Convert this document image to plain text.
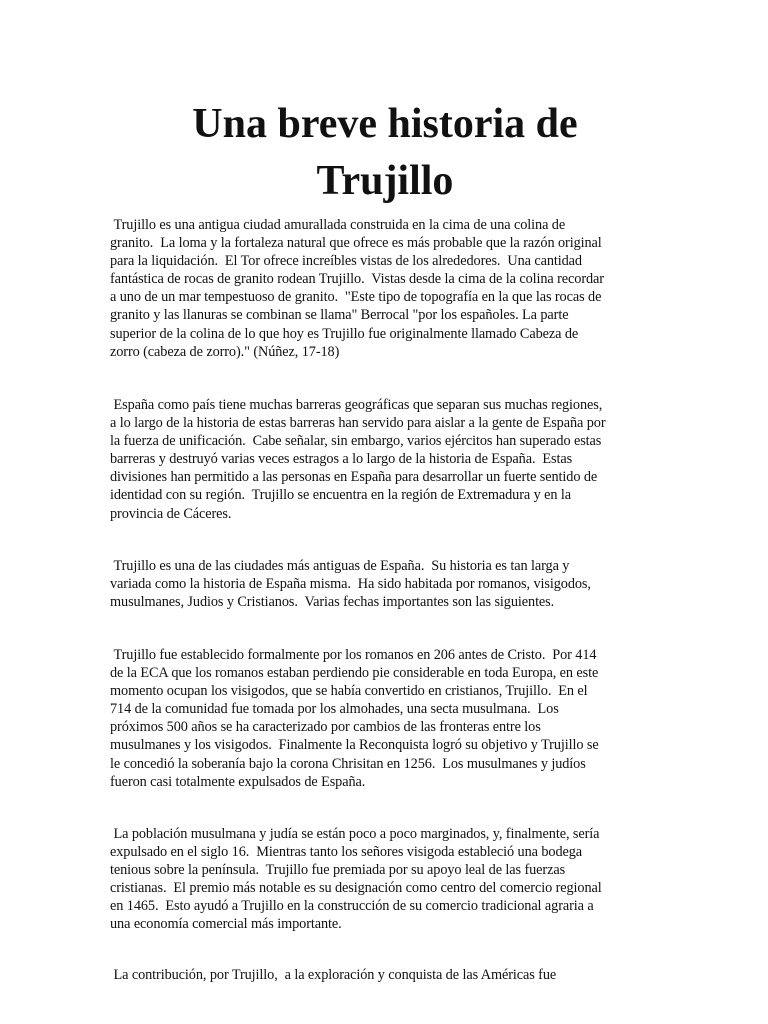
Una breve historia de
Trujillo

Trujillo es una antigua ciudad amurallada construida en la cima de una colina de
granito.  La loma y la fortaleza natural que ofrece es más probable que la razón original
para la liquidación.  El Tor ofrece increíbles vistas de los alrededores.  Una cantidad
fantástica de rocas de granito rodean Trujillo.  Vistas desde la cima de la colina recordar
a uno de un mar tempestuoso de granito.  "Este tipo de topografía en la que las rocas de
granito y las llanuras se combinan se llama" Berrocal "por los españoles. La parte
superior de la colina de lo que hoy es Trujillo fue originalmente llamado Cabeza de
zorro (cabeza de zorro)." (Núñez, 17-18)

España como país tiene muchas barreras geográficas que separan sus muchas regiones,
a lo largo de la historia de estas barreras han servido para aislar a la gente de España por
la fuerza de unificación.  Cabe señalar, sin embargo, varios ejércitos han superado estas
barreras y destruyó varias veces estragos a lo largo de la historia de España.  Estas
divisiones han permitido a las personas en España para desarrollar un fuerte sentido de
identidad con su región.  Trujillo se encuentra en la región de Extremadura y en la
provincia de Cáceres.

Trujillo es una de las ciudades más antiguas de España.  Su historia es tan larga y
variada como la historia de España misma.  Ha sido habitada por romanos, visigodos,
musulmanes, Judios y Cristianos.  Varias fechas importantes son las siguientes.

Trujillo fue establecido formalmente por los romanos en 206 antes de Cristo.  Por 414
de la ECA que los romanos estaban perdiendo pie considerable en toda Europa, en este
momento ocupan los visigodos, que se había convertido en cristianos, Trujillo.  En el
714 de la comunidad fue tomada por los almohades, una secta musulmana.  Los
próximos 500 años se ha caracterizado por cambios de las fronteras entre los
musulmanes y los visigodos.  Finalmente la Reconquista logró su objetivo y Trujillo se
le concedió la soberanía bajo la corona Chrisitan en 1256.  Los musulmanes y judíos
fueron casi totalmente expulsados de España.

La población musulmana y judía se están poco a poco marginados, y, finalmente, sería
expulsado en el siglo 16.  Mientras tanto los señores visigoda estableció una bodega
tenious sobre la península.  Trujillo fue premiada por su apoyo leal de las fuerzas
cristianas.  El premio más notable es su designación como centro del comercio regional
en 1465.  Esto ayudó a Trujillo en la construcción de su comercio tradicional agraria a
una economía comercial más importante.

La contribución, por Trujillo,  a la exploración y conquista de las Américas fue
